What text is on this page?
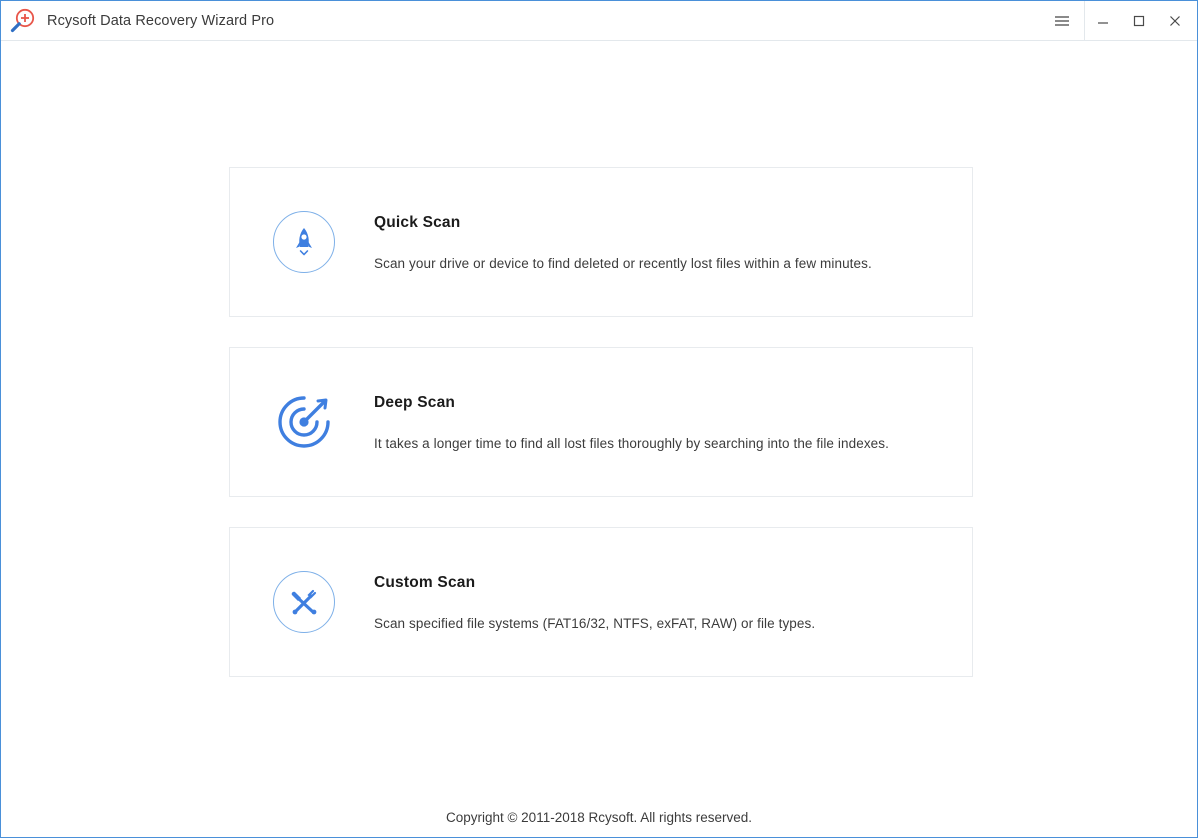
Rcysoft Data Recovery Wizard Pro
Quick Scan
Scan your drive or device to find deleted or recently lost files within a few minutes.
Deep Scan
It takes a longer time to find all lost files thoroughly by searching into the file indexes.
Custom Scan
Scan specified file systems (FAT16/32, NTFS, exFAT, RAW) or file types.
Copyright © 2011-2018 Rcysoft. All rights reserved.
